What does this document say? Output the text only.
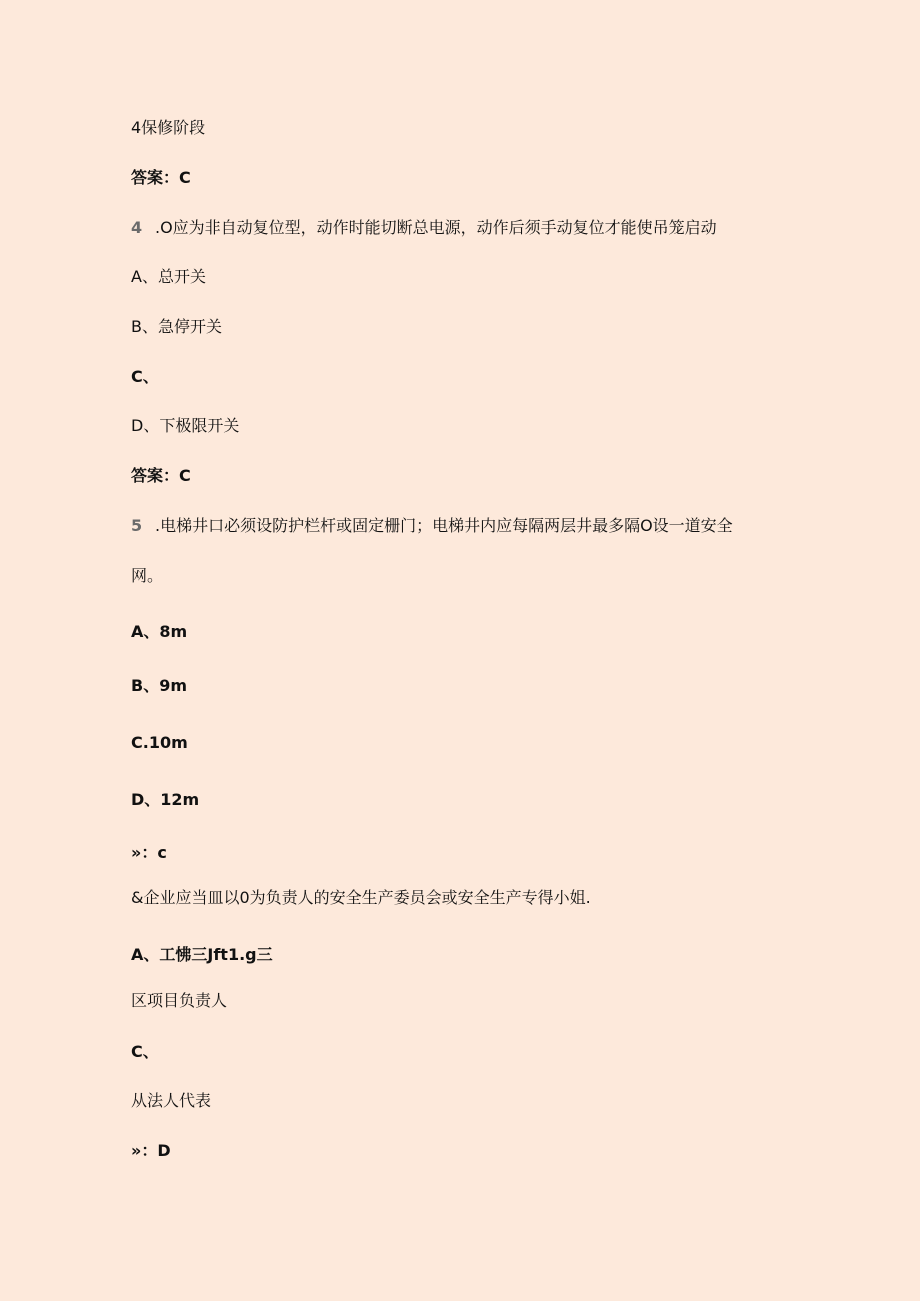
4保修阶段
答案：C
4 .O应为非自动复位型，动作时能切断总电源，动作后须手动复位才能使吊笼启动
A、总开关
B、急停开关
C、
D、下极限开关
答案：C
5 .电梯井口必须设防护栏杆或固定栅门；电梯井内应每隔两层井最多隔O设一道安全
网。
A、8m
B、9m
C.10m
D、12m
»：c
&企业应当皿以0为负责人的安全生产委员会或安全生产专得小姐.
A、工怫三Jft1.g三
区项目负责人
C、
从法人代表
»：D
